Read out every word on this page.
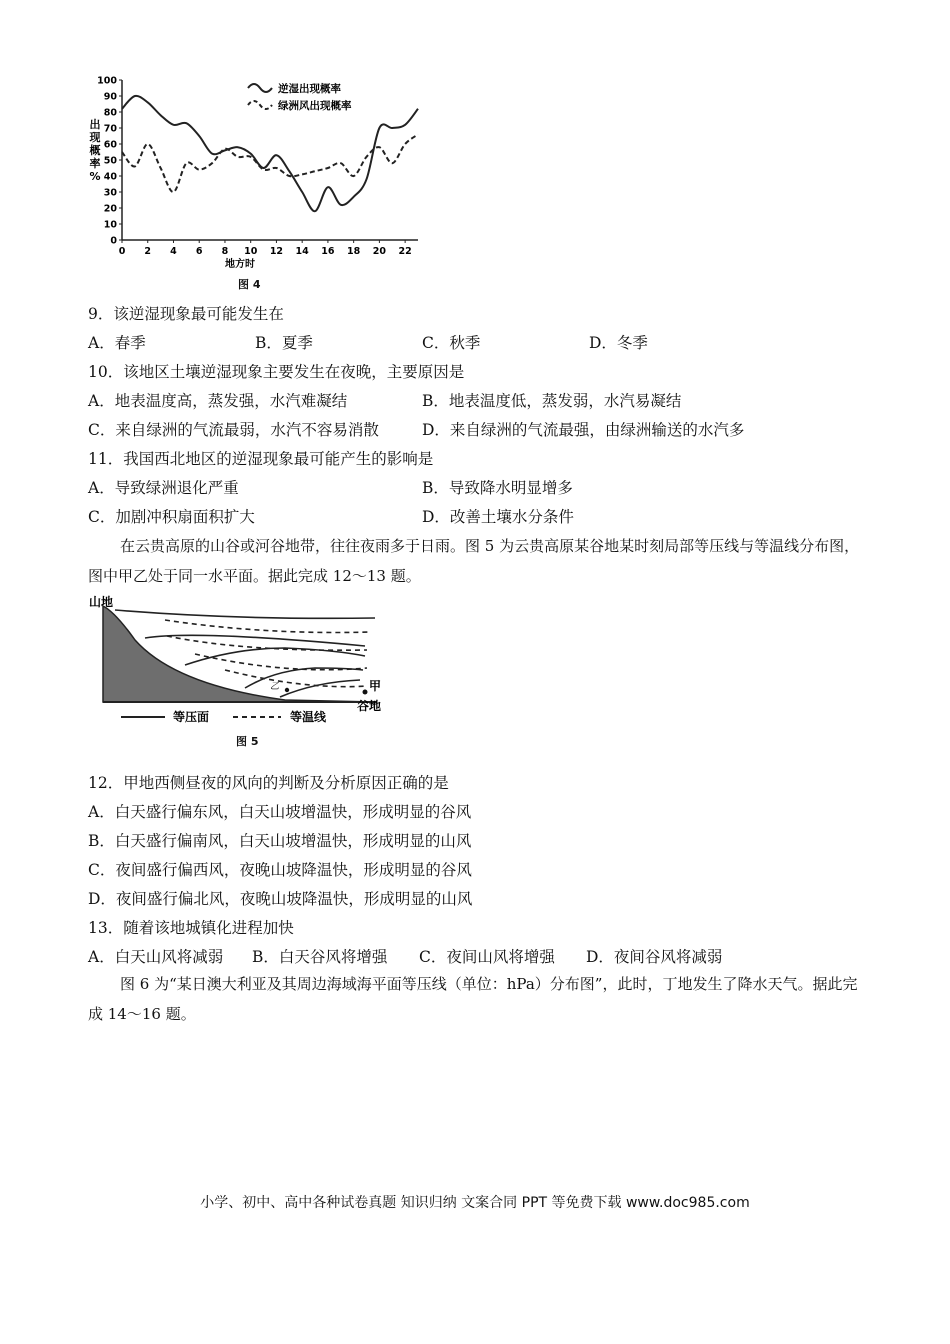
0
10
20
30
40
50
60
70
80
90
100
0 2 4 6 8 10 12 14 16 18 20 22
出现概率%
逆湿出现概率
绿洲风出现概率
地方时
图 4
9．该逆湿现象最可能发生在
A．春季	B．夏季	C．秋季	D．冬季
10．该地区土壤逆湿现象主要发生在夜晚，主要原因是
A．地表温度高，蒸发强，水汽难凝结	B．地表温度低，蒸发弱，水汽易凝结
C．来自绿洲的气流最弱，水汽不容易消散	D．来自绿洲的气流最强，由绿洲输送的水汽多
11．我国西北地区的逆湿现象最可能产生的影响是
A．导致绿洲退化严重	B．导致降水明显增多
C．加剧冲积扇面积扩大	D．改善土壤水分条件
在云贵高原的山谷或河谷地带，往往夜雨多于日雨。图 5 为云贵高原某谷地某时刻局部等压线与等温线分布图，图中甲乙处于同一水平面。据此完成 12～13 题。
山地
乙	甲
谷地
等压面	等温线
图 5
12．甲地西侧昼夜的风向的判断及分析原因正确的是
A．白天盛行偏东风，白天山坡增温快，形成明显的谷风
B．白天盛行偏南风，白天山坡增温快，形成明显的山风
C．夜间盛行偏西风，夜晚山坡降温快，形成明显的谷风
D．夜间盛行偏北风，夜晚山坡降温快，形成明显的山风
13．随着该地城镇化进程加快
A．白天山风将减弱 B．白天谷风将增强 C．夜间山风将增强 D．夜间谷风将减弱
图 6 为“某日澳大利亚及其周边海域海平面等压线（单位：hPa）分布图”，此时，丁地发生了降水天气。据此完成 14～16 题。
小学、初中、高中各种试卷真题 知识归纳 文案合同 PPT 等免费下载 www.doc985.com
